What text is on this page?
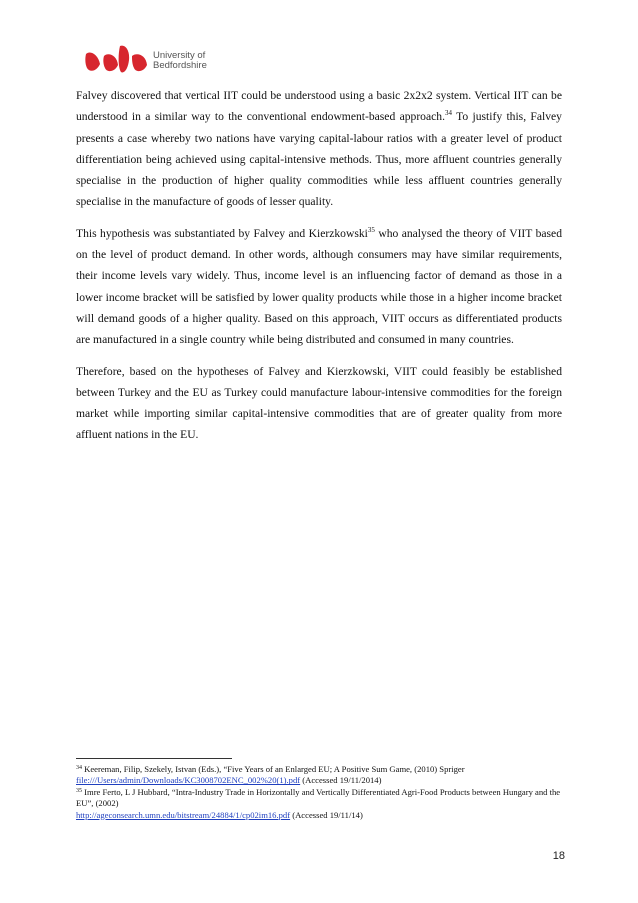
University of
Bedfordshire

Falvey discovered that vertical IIT could be understood using a basic 2x2x2 system. Vertical IIT can be understood in a similar way to the conventional endowment-based approach.$^{34}$ To justify this, Falvey presents a case whereby two nations have varying capital-labour ratios with a greater level of product differentiation being achieved using capital-intensive methods. Thus, more affluent countries generally specialise in the production of higher quality commodities while less affluent countries generally specialise in the manufacture of goods of lesser quality.

This hypothesis was substantiated by Falvey and Kierzkowski$^{35}$ who analysed the theory of VIIT based on the level of product demand. In other words, although consumers may have similar requirements, their income levels vary widely. Thus, income level is an influencing factor of demand as those in a lower income bracket will be satisfied by lower quality products while those in a higher income bracket will demand goods of a higher quality. Based on this approach, VIIT occurs as differentiated products are manufactured in a single country while being distributed and consumed in many countries.

Therefore, based on the hypotheses of Falvey and Kierzkowski, VIIT could feasibly be established between Turkey and the EU as Turkey could manufacture labour-intensive commodities for the foreign market while importing similar capital-intensive commodities that are of greater quality from more affluent nations in the EU.

$^{34}$ Keereman, Filip, Szekely, Istvan (Eds.), “Five Years of an Enlarged EU; A Positive Sum Game, (2010) Spriger
file:///Users/admin/Downloads/KC3008702ENC_002%20(1).pdf (Accessed 19/11/2014)
$^{35}$ Imre Ferto, L J Hubbard, “Intra-Industry Trade in Horizontally and Vertically Differentiated Agri-Food Products between Hungary and the EU”, (2002)
http://ageconsearch.umn.edu/bitstream/24884/1/cp02im16.pdf (Accessed 19/11/14)
18
